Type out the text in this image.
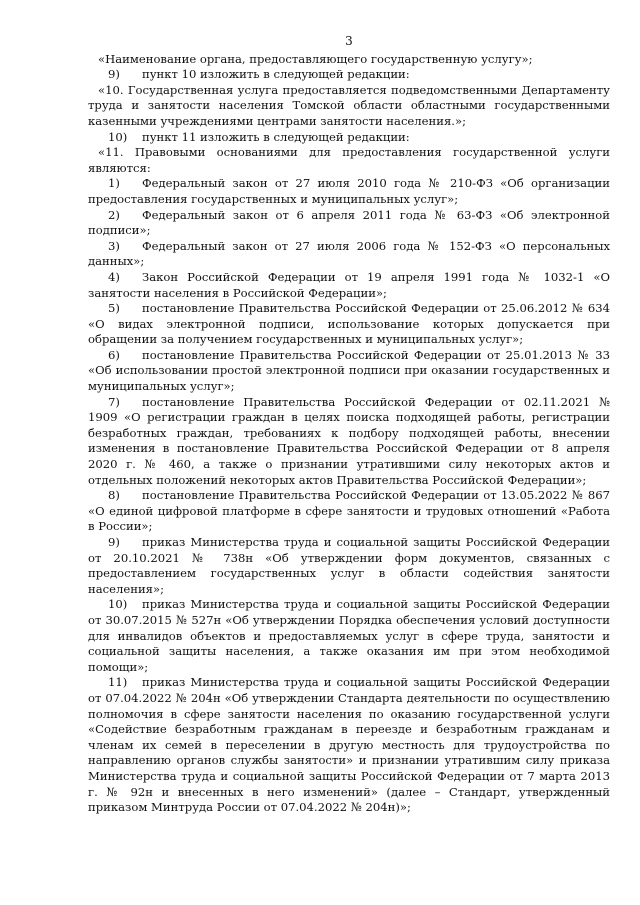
3

«Наименование органа, предоставляющего государственную услугу»;

9) пункт 10 изложить в следующей редакции:

«10. Государственная услуга предоставляется подведомственными Департаменту труда и занятости населения Томской области областными государственными казенными учреждениями центрами занятости населения.»;

10) пункт 11 изложить в следующей редакции:

«11. Правовыми основаниями для предоставления государственной услуги являются:

1) Федеральный закон от 27 июля 2010 года № 210-ФЗ «Об организации предоставления государственных и муниципальных услуг»;

2) Федеральный закон от 6 апреля 2011 года № 63-ФЗ «Об электронной подписи»;

3) Федеральный закон от 27 июля 2006 года № 152-ФЗ «О персональных данных»;

4) Закон Российской Федерации от 19 апреля 1991 года № 1032-1 «О занятости населения в Российской Федерации»;

5) постановление Правительства Российской Федерации от 25.06.2012 № 634 «О видах электронной подписи, использование которых допускается при обращении за получением государственных и муниципальных услуг»;

6) постановление Правительства Российской Федерации от 25.01.2013 № 33 «Об использовании простой электронной подписи при оказании государственных и муниципальных услуг»;

7) постановление Правительства Российской Федерации от 02.11.2021 № 1909 «О регистрации граждан в целях поиска подходящей работы, регистрации безработных граждан, требованиях к подбору подходящей работы, внесении изменения в постановление Правительства Российской Федерации от 8 апреля 2020 г. № 460, а также о признании утратившими силу некоторых актов и отдельных положений некоторых актов Правительства Российской Федерации»;

8) постановление Правительства Российской Федерации от 13.05.2022 № 867 «О единой цифровой платформе в сфере занятости и трудовых отношений «Работа в России»;

9) приказ Министерства труда и социальной защиты Российской Федерации от 20.10.2021 № 738н «Об утверждении форм документов, связанных с предоставлением государственных услуг в области содействия занятости населения»;

10) приказ Министерства труда и социальной защиты Российской Федерации от 30.07.2015 № 527н «Об утверждении Порядка обеспечения условий доступности для инвалидов объектов и предоставляемых услуг в сфере труда, занятости и социальной защиты населения, а также оказания им при этом необходимой помощи»;

11) приказ Министерства труда и социальной защиты Российской Федерации от 07.04.2022 № 204н «Об утверждении Стандарта деятельности по осуществлению полномочия в сфере занятости населения по оказанию государственной услуги «Содействие безработным гражданам в переезде и безработным гражданам и членам их семей в переселении в другую местность для трудоустройства по направлению органов службы занятости» и признании утратившим силу приказа Министерства труда и социальной защиты Российской Федерации от 7 марта 2013 г. № 92н и внесенных в него изменений» (далее – Стандарт, утвержденный приказом Минтруда России от 07.04.2022 № 204н)»;
